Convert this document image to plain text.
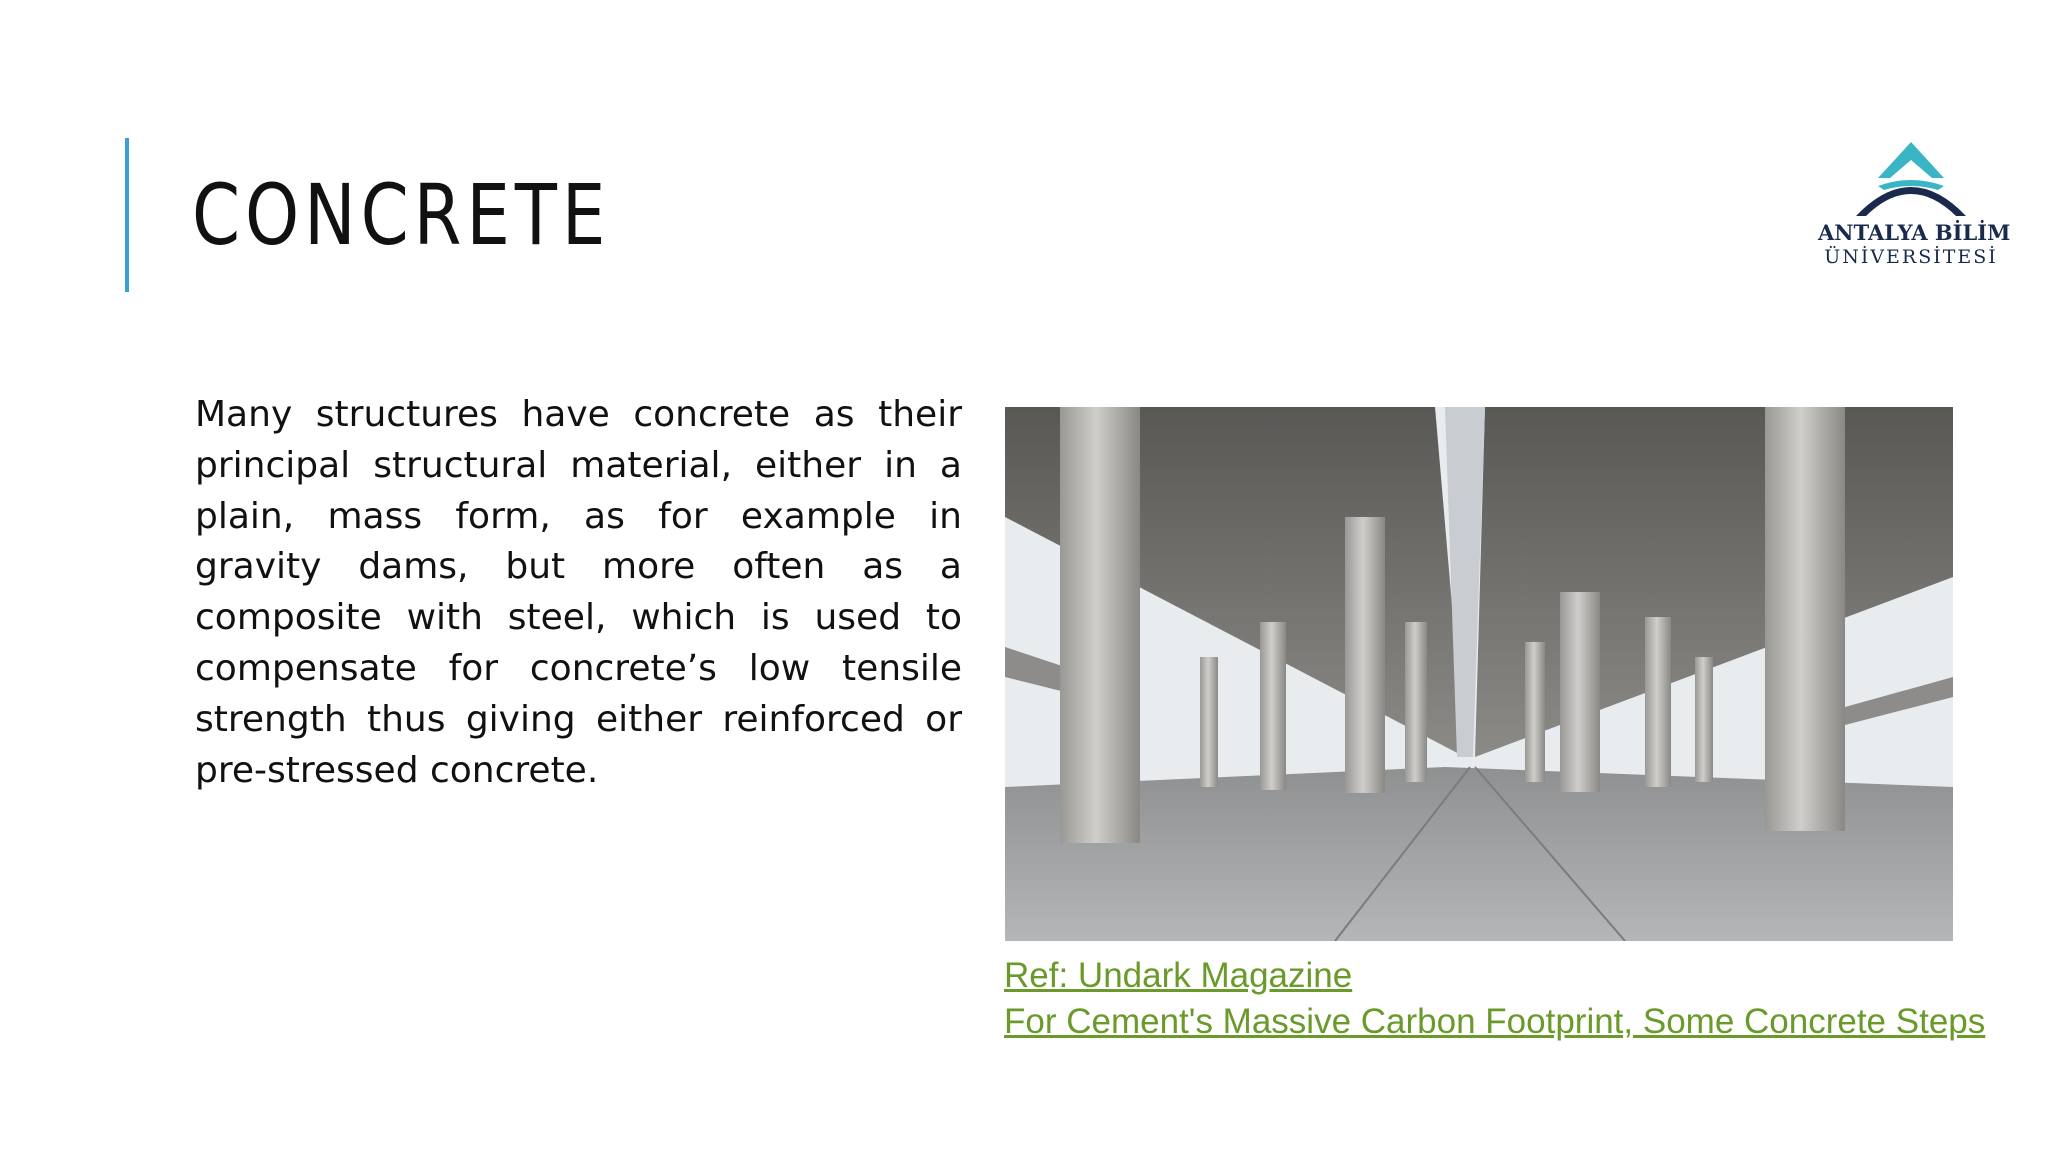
CONCRETE	ANTALYA BİLİM
ÜNİVERSİTESİ
Many structures have concrete as their principal structural material, either in a plain, mass form, as for example in gravity dams, but more often as a composite with steel, which is used to compensate for concrete’s low tensile strength thus giving either reinforced or pre-stressed concrete.
Ref: Undark Magazine
For Cement's Massive Carbon Footprint, Some Concrete Steps
